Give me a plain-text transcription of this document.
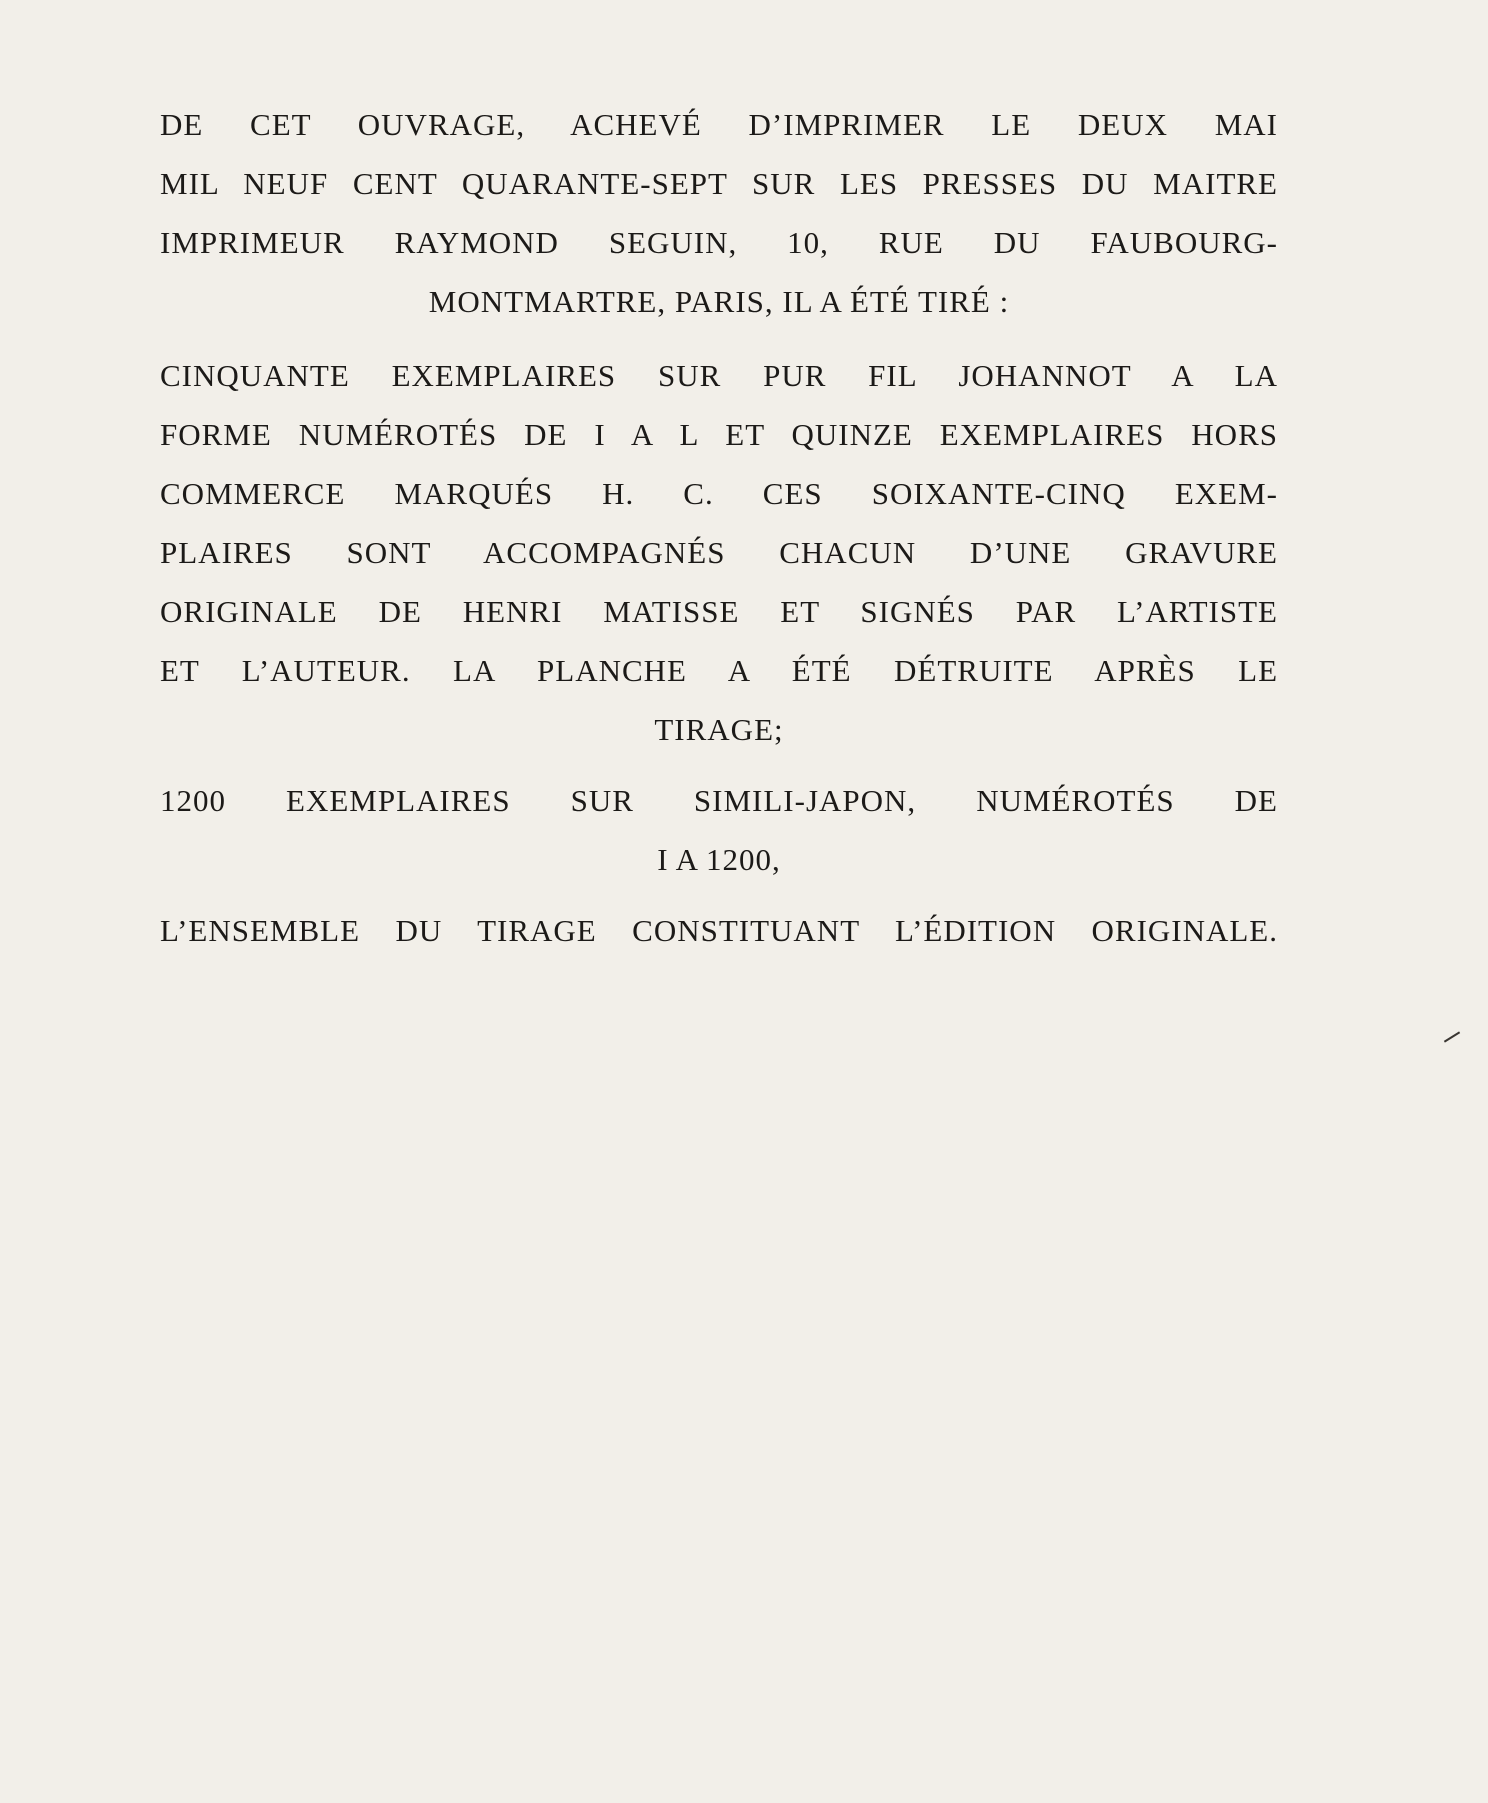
DE CET OUVRAGE, ACHEVÉ D’IMPRIMER LE DEUX MAI
MIL NEUF CENT QUARANTE-SEPT SUR LES PRESSES DU MAITRE
IMPRIMEUR RAYMOND SEGUIN, 10, RUE DU FAUBOURG-
MONTMARTRE, PARIS, IL A ÉTÉ TIRÉ :

CINQUANTE EXEMPLAIRES SUR PUR FIL JOHANNOT A LA
FORME NUMÉROTÉS DE I A L ET QUINZE EXEMPLAIRES HORS
COMMERCE MARQUÉS H. C. CES SOIXANTE-CINQ EXEM-
PLAIRES SONT ACCOMPAGNÉS CHACUN D’UNE GRAVURE
ORIGINALE DE HENRI MATISSE ET SIGNÉS PAR L’ARTISTE
ET L’AUTEUR. LA PLANCHE A ÉTÉ DÉTRUITE APRÈS LE
TIRAGE;

1200 EXEMPLAIRES SUR SIMILI-JAPON, NUMÉROTÉS DE
I A 1200,

L’ENSEMBLE DU TIRAGE CONSTITUANT L’ÉDITION ORIGINALE.
